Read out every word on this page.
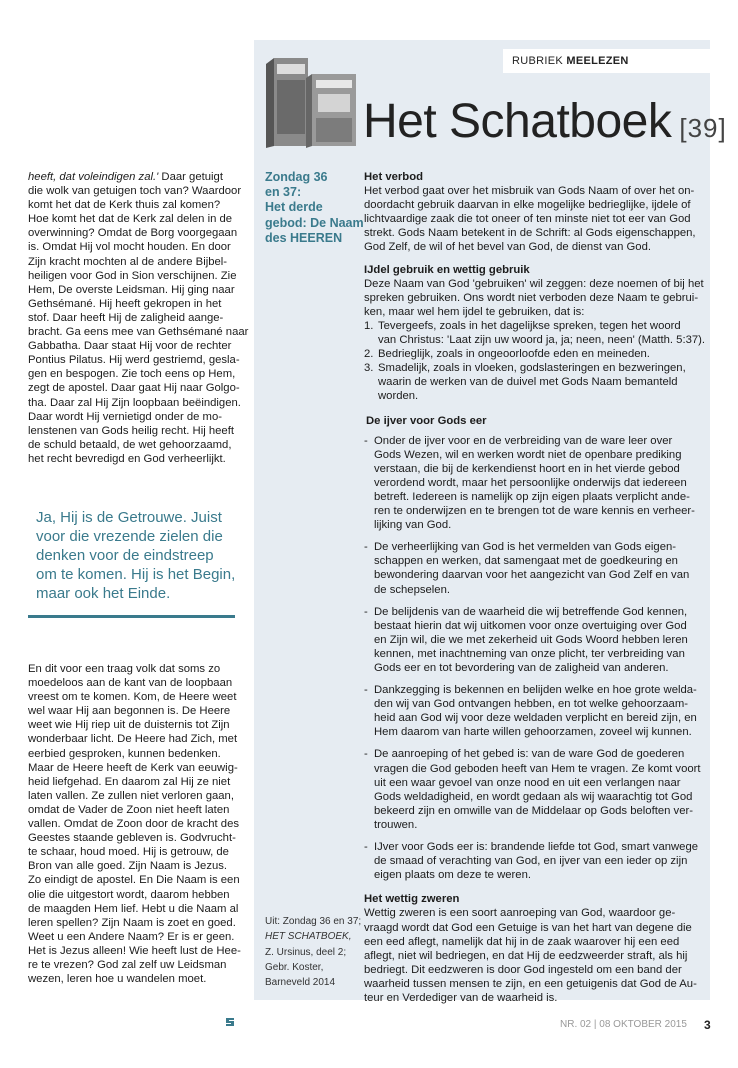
RUBRIEK MEELEZEN
Het Schatboek [39]
heeft, dat voleindigen zal.' Daar getuigt
die wolk van getuigen toch van? Waardoor
komt het dat de Kerk thuis zal komen?
Hoe komt het dat de Kerk zal delen in de
overwinning? Omdat de Borg voorgegaan
is. Omdat Hij vol mocht houden. En door
Zijn kracht mochten al de andere Bijbel-
heiligen voor God in Sion verschijnen. Zie
Hem, De overste Leidsman. Hij ging naar
Gethsémané. Hij heeft gekropen in het
stof. Daar heeft Hij de zaligheid aange-
bracht. Ga eens mee van Gethsémané naar
Gabbatha. Daar staat Hij voor de rechter
Pontius Pilatus. Hij werd gestriemd, gesla-
gen en bespogen. Zie toch eens op Hem,
zegt de apostel. Daar gaat Hij naar Golgo-
tha. Daar zal Hij Zijn loopbaan beëindigen.
Daar wordt Hij vernietigd onder de mo-
lenstenen van Gods heilig recht. Hij heeft
de schuld betaald, de wet gehoorzaamd,
het recht bevredigd en God verheerlijkt.
Ja, Hij is de Getrouwe. Juist
voor die vrezende zielen die
denken voor de eindstreep
om te komen. Hij is het Begin,
maar ook het Einde.
En dit voor een traag volk dat soms zo
moedeloos aan de kant van de loopbaan
vreest om te komen. Kom, de Heere weet
wel waar Hij aan begonnen is. De Heere
weet wie Hij riep uit de duisternis tot Zijn
wonderbaar licht. De Heere had Zich, met
eerbied gesproken, kunnen bedenken.
Maar de Heere heeft de Kerk van eeuwig-
heid liefgehad. En daarom zal Hij ze niet
laten vallen. Ze zullen niet verloren gaan,
omdat de Vader de Zoon niet heeft laten
vallen. Omdat de Zoon door de kracht des
Geestes staande gebleven is. Godvrucht-
te schaar, houd moed. Hij is getrouw, de
Bron van alle goed. Zijn Naam is Jezus.
Zo eindigt de apostel. En Die Naam is een
olie die uitgestort wordt, daarom hebben
de maagden Hem lief. Hebt u die Naam al
leren spellen? Zijn Naam is zoet en goed.
Weet u een Andere Naam? Er is er geen.
Het is Jezus alleen! Wie heeft lust de Hee-
re te vrezen? God zal zelf uw Leidsman
wezen, leren hoe u wandelen moet.
Zondag 36
en 37:
Het derde
gebod: De Naam
des HEEREN
Uit: Zondag 36 en 37;
HET SCHATBOEK,
Z. Ursinus, deel 2;
Gebr. Koster,
Barneveld 2014
Het verbod
Het verbod gaat over het misbruik van Gods Naam of over het on-
doordacht gebruik daarvan in elke mogelijke bedrieglijke, ijdele of
lichtvaardige zaak die tot oneer of ten minste niet tot eer van God
strekt. Gods Naam betekent in de Schrift: al Gods eigenschappen,
God Zelf, de wil of het bevel van God, de dienst van God.
IJdel gebruik en wettig gebruik
Deze Naam van God 'gebruiken' wil zeggen: deze noemen of bij het
spreken gebruiken. Ons wordt niet verboden deze Naam te gebrui-
ken, maar wel hem ijdel te gebruiken, dat is:
1. Tevergeefs, zoals in het dagelijkse spreken, tegen het woord
van Christus: 'Laat zijn uw woord ja, ja; neen, neen' (Matth. 5:37).
2. Bedrieglijk, zoals in ongeoorloofde eden en meineden.
3. Smadelijk, zoals in vloeken, godslasteringen en bezweringen,
waarin de werken van de duivel met Gods Naam bemanteld
worden.
De ijver voor Gods eer
- Onder de ijver voor en de verbreiding van de ware leer over
Gods Wezen, wil en werken wordt niet de openbare prediking
verstaan, die bij de kerkendienst hoort en in het vierde gebod
verordend wordt, maar het persoonlijke onderwijs dat iedereen
betreft. Iedereen is namelijk op zijn eigen plaats verplicht ande-
ren te onderwijzen en te brengen tot de ware kennis en verheer-
lijking van God.
- De verheerlijking van God is het vermelden van Gods eigen-
schappen en werken, dat samengaat met de goedkeuring en
bewondering daarvan voor het aangezicht van God Zelf en van
de schepselen.
- De belijdenis van de waarheid die wij betreffende God kennen,
bestaat hierin dat wij uitkomen voor onze overtuiging over God
en Zijn wil, die we met zekerheid uit Gods Woord hebben leren
kennen, met inachtneming van onze plicht, ter verbreiding van
Gods eer en tot bevordering van de zaligheid van anderen.
- Dankzegging is bekennen en belijden welke en hoe grote welda-
den wij van God ontvangen hebben, en tot welke gehoorzaam-
heid aan God wij voor deze weldaden verplicht en bereid zijn, en
Hem daarom van harte willen gehoorzamen, zoveel wij kunnen.
- De aanroeping of het gebed is: van de ware God de goederen
vragen die God geboden heeft van Hem te vragen. Ze komt voort
uit een waar gevoel van onze nood en uit een verlangen naar
Gods weldadigheid, en wordt gedaan als wij waarachtig tot God
bekeerd zijn en omwille van de Middelaar op Gods beloften ver-
trouwen.
- IJver voor Gods eer is: brandende liefde tot God, smart vanwege
de smaad of verachting van God, en ijver van een ieder op zijn
eigen plaats om deze te weren.
Het wettig zweren
Wettig zweren is een soort aanroeping van God, waardoor ge-
vraagd wordt dat God een Getuige is van het hart van degene die
een eed aflegt, namelijk dat hij in de zaak waarover hij een eed
aflegt, niet wil bedriegen, en dat Hij de eedzweerder straft, als hij
bedriegt. Dit eedzweren is door God ingesteld om een band der
waarheid tussen mensen te zijn, en een getuigenis dat God de Au-
teur en Verdediger van de waarheid is.
NR. 02 | 08 OKTOBER 2015 3
